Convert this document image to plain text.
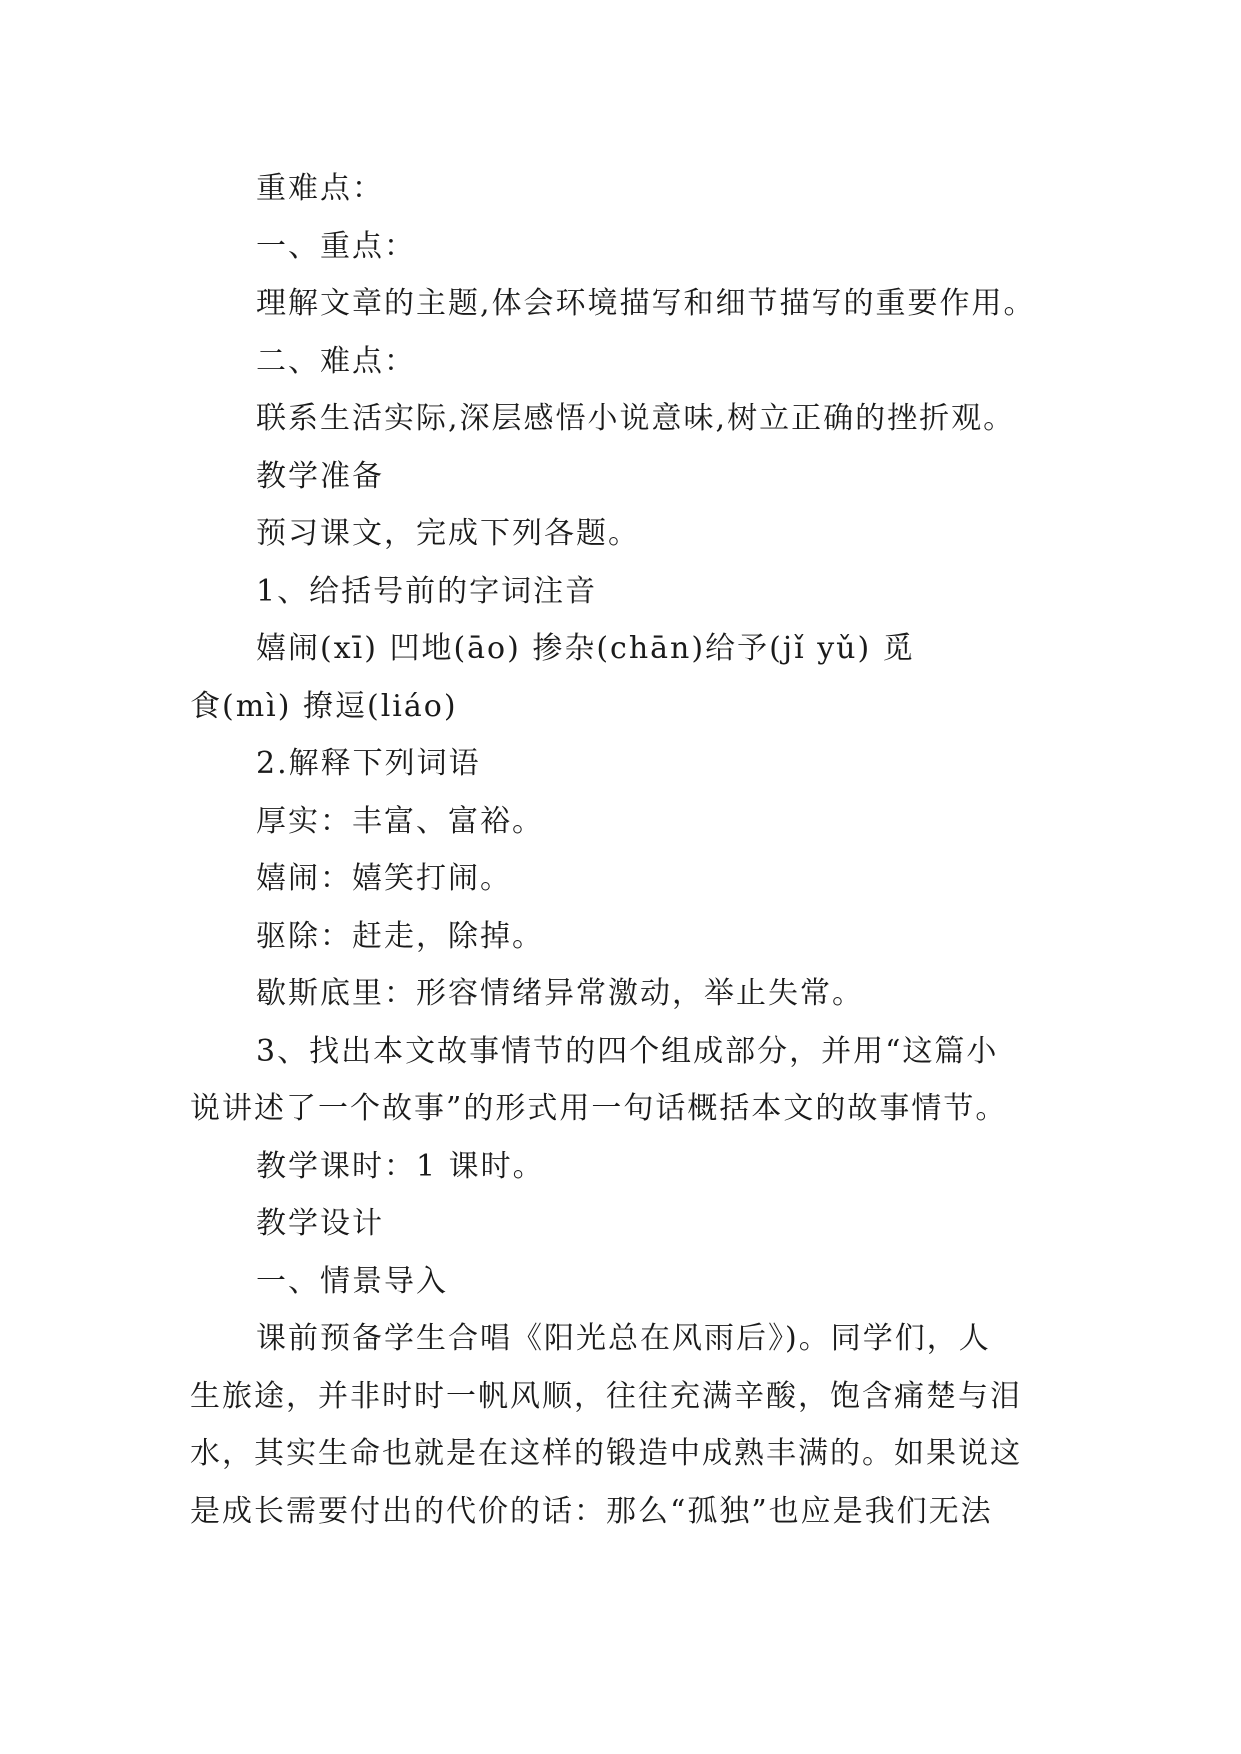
重难点：
一、重点：
理解文章的主题,体会环境描写和细节描写的重要作用。
二、难点：
联系生活实际,深层感悟小说意味,树立正确的挫折观。
教学准备
预习课文，完成下列各题。
1、给括号前的字词注音
嬉闹(xī) 凹地(āo) 掺杂(chān)给予(jǐ yǔ) 觅
食(mì) 撩逗(liáo)
2.解释下列词语
厚实：丰富、富裕。
嬉闹：嬉笑打闹。
驱除：赶走，除掉。
歇斯底里：形容情绪异常激动，举止失常。
3、找出本文故事情节的四个组成部分，并用“这篇小
说讲述了一个故事”的形式用一句话概括本文的故事情节。
教学课时：1 课时。
教学设计
一、情景导入
课前预备学生合唱《阳光总在风雨后》)。同学们，人
生旅途，并非时时一帆风顺，往往充满辛酸，饱含痛楚与泪
水，其实生命也就是在这样的锻造中成熟丰满的。如果说这
是成长需要付出的代价的话：那么“孤独”也应是我们无法
